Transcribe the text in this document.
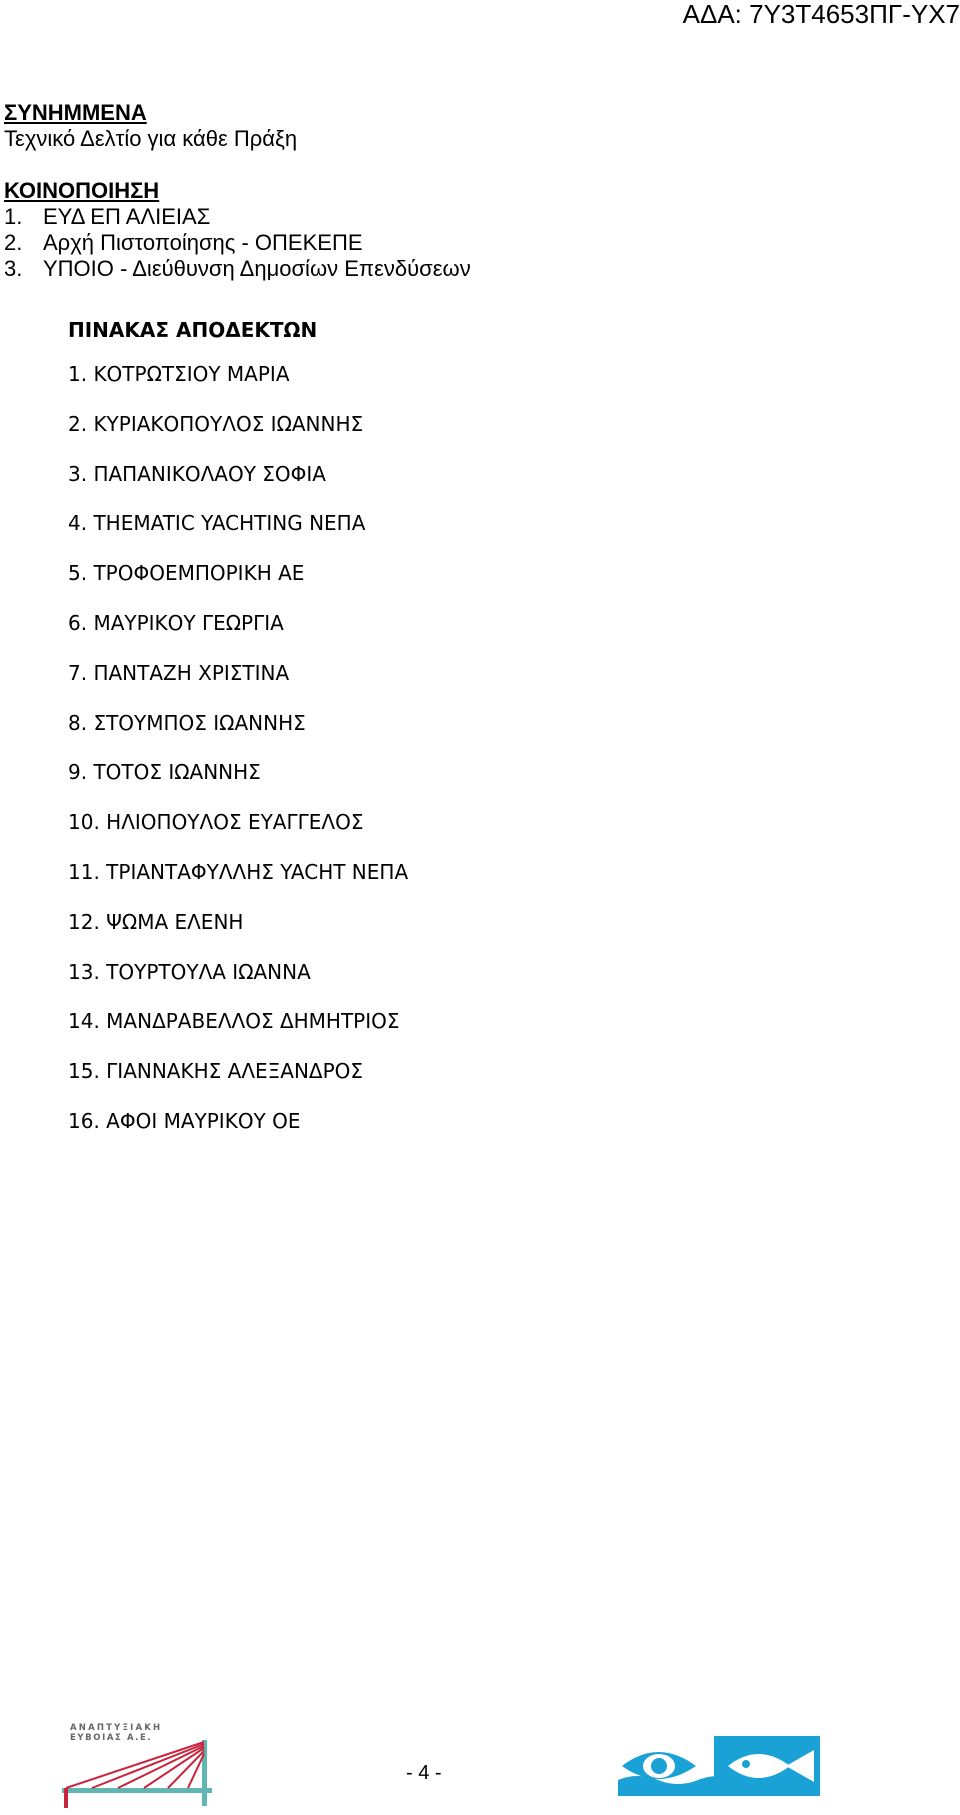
ΑΔΑ: 7Υ3Τ4653ΠΓ-ΥΧ7
ΣΥΝΗΜΜΕΝΑ
Τεχνικό Δελτίο για κάθε Πράξη
ΚΟΙΝΟΠΟΙΗΣΗ
1. ΕΥΔ ΕΠ ΑΛΙΕΙΑΣ
2. Αρχή Πιστοποίησης - ΟΠΕΚΕΠΕ
3. ΥΠΟΙΟ - Διεύθυνση Δημοσίων Επενδύσεων
ΠΙΝΑΚΑΣ ΑΠΟΔΕΚΤΩΝ
1. ΚΟΤΡΩΤΣΙΟΥ ΜΑΡΙΑ
2. ΚΥΡΙΑΚΟΠΟΥΛΟΣ ΙΩΑΝΝΗΣ
3. ΠΑΠΑΝΙΚΟΛΑΟΥ ΣΟΦΙΑ
4. THEMATIC YACHTING ΝΕΠΑ
5. ΤΡΟΦΟΕΜΠΟΡΙΚΗ ΑΕ
6. ΜΑΥΡΙΚΟΥ ΓΕΩΡΓΙΑ
7. ΠΑΝΤΑΖΗ ΧΡΙΣΤΙΝΑ
8. ΣΤΟΥΜΠΟΣ ΙΩΑΝΝΗΣ
9. ΤΟΤΟΣ ΙΩΑΝΝΗΣ
10. ΗΛΙΟΠΟΥΛΟΣ ΕΥΑΓΓΕΛΟΣ
11. ΤΡΙΑΝΤΑΦΥΛΛΗΣ YACHT ΝΕΠΑ
12. ΨΩΜΑ ΕΛΕΝΗ
13. ΤΟΥΡΤΟΥΛΑ ΙΩΑΝΝΑ
14. ΜΑΝΔΡΑΒΕΛΛΟΣ ΔΗΜΗΤΡΙΟΣ
15. ΓΙΑΝΝΑΚΗΣ ΑΛΕΞΑΝΔΡΟΣ
16. ΑΦΟΙ ΜΑΥΡΙΚΟΥ ΟΕ
ΑΝΑΠΤΥΞΙΑΚΗ
ΕΥΒΟΙΑΣ Α.Ε.
- 4 -
